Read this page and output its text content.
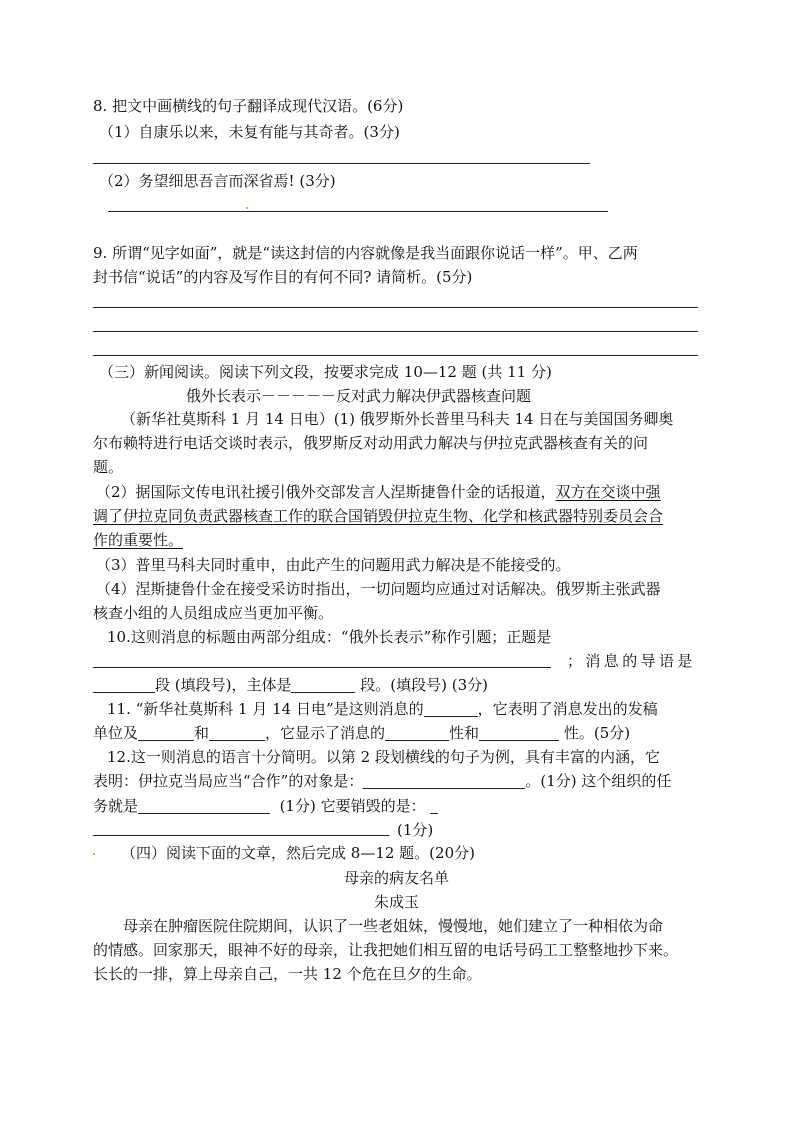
8. 把文中画横线的句子翻译成现代汉语。(6分)
（1）自康乐以来，未复有能与其奇者。(3分)
（2）务望细思吾言而深省焉! (3分)
9. 所谓“见字如面”，就是“读这封信的内容就像是我当面跟你说话一样”。甲、乙两
封书信“说话”的内容及写作目的有何不同? 请简析。(5分)
（三）新闻阅读。阅读下列文段，按要求完成 10—12 题 (共 11 分)
俄外长表示－－－－－反对武力解决伊武器核查问题
（新华社莫斯科 1 月 14 日电）(1) 俄罗斯外长普里马科夫 14 日在与美国国务卿奥
尔布赖特进行电话交谈时表示，俄罗斯反对动用武力解决与伊拉克武器核查有关的问
题。
（2）据国际文传电讯社援引俄外交部发言人涅斯捷鲁什金的话报道，双方在交谈中强
调了伊拉克同负责武器核查工作的联合国销毁伊拉克生物、化学和核武器特别委员会合
作的重要性。
（3）普里马科夫同时重申，由此产生的问题用武力解决是不能接受的。
（4）涅斯捷鲁什金在接受采访时指出，一切问题均应通过对话解决。俄罗斯主张武器
核查小组的人员组成应当更加平衡。
10.这则消息的标题由两部分组成：“俄外长表示”称作引题；正题是
；消息的导语是
段 (填段号)，主体是	段。(填段号) (3分)
11. “新华社莫斯科 1 月 14 日电”是这则消息的	，它表明了消息发出的发稿
单位及	和	，它显示了消息的	性和	性。(5分)
12.这一则消息的语言十分简明。以第 2 段划横线的句子为例，具有丰富的内涵，它
表明：伊拉克当局应当“合作”的对象是：	。(1分) 这个组织的任
务就是	(1分) 它要销毁的是：
(1分)
（四）阅读下面的文章，然后完成 8—12 题。(20分)
母亲的病友名单
朱成玉
母亲在肿瘤医院住院期间，认识了一些老姐妹，慢慢地，她们建立了一种相依为命
的情感。回家那天，眼神不好的母亲，让我把她们相互留的电话号码工工整整地抄下来。
长长的一排，算上母亲自己，一共 12 个危在旦夕的生命。
